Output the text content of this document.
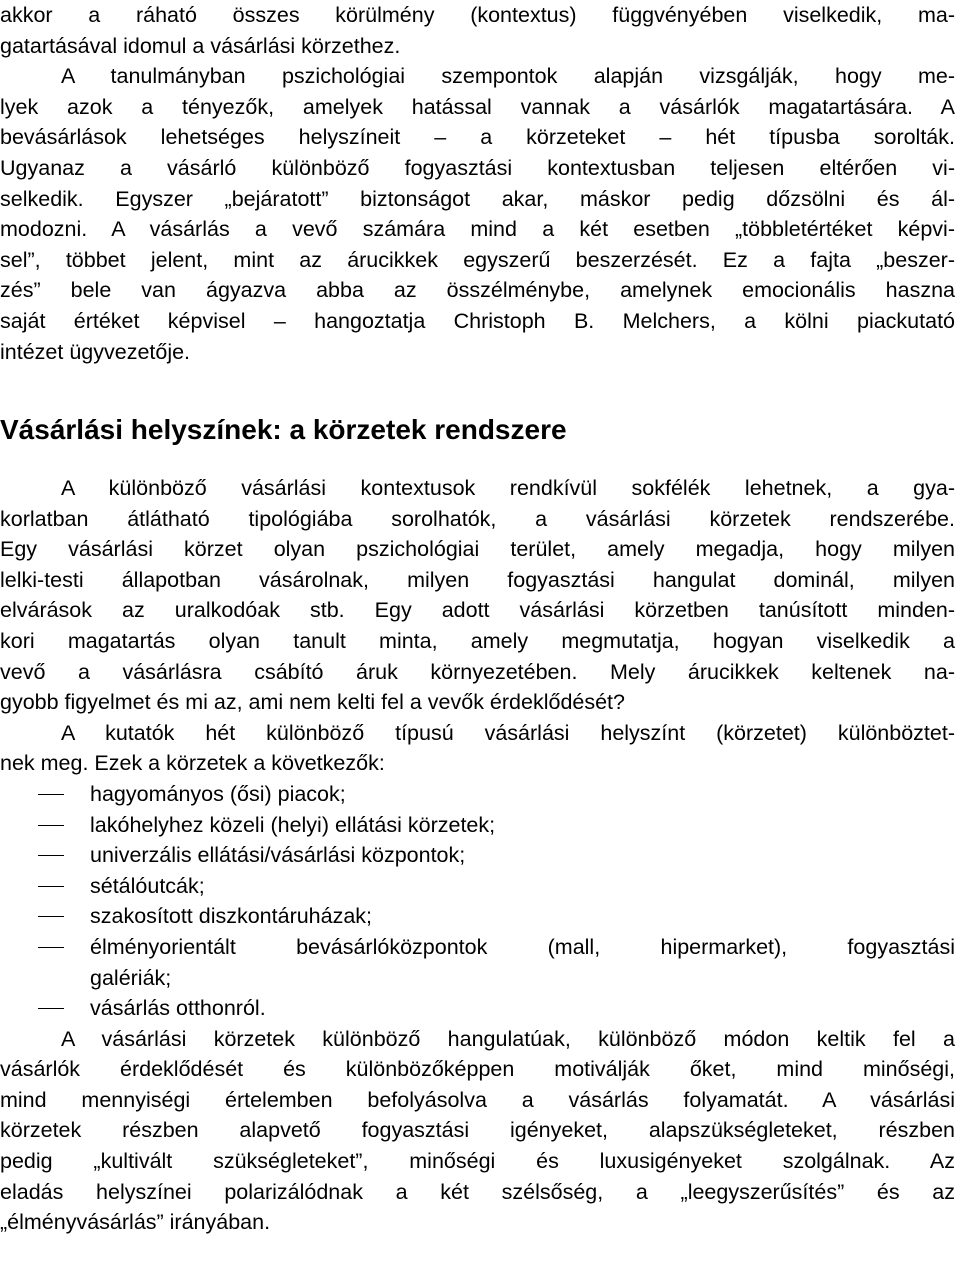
akkor a ráható összes körülmény (kontextus) függvényében viselkedik, ma-
gatartásával idomul a vásárlási körzethez.
A tanulmányban pszichológiai szempontok alapján vizsgálják, hogy me-
lyek azok a tényezők, amelyek hatással vannak a vásárlók magatartására. A
bevásárlások lehetséges helyszíneit – a körzeteket – hét típusba sorolták.
Ugyanaz a vásárló különböző fogyasztási kontextusban teljesen eltérően vi-
selkedik. Egyszer „bejáratott” biztonságot akar, máskor pedig dőzsölni és ál-
modozni. A vásárlás a vevő számára mind a két esetben „többletértéket képvi-
sel”, többet jelent, mint az árucikkek egyszerű beszerzését. Ez a fajta „beszer-
zés” bele van ágyazva abba az összélménybe, amelynek emocionális haszna
saját értéket képvisel – hangoztatja Christoph B. Melchers, a kölni piackutató
intézet ügyvezetője.
Vásárlási helyszínek: a körzetek rendszere
A különböző vásárlási kontextusok rendkívül sokfélék lehetnek, a gya-
korlatban átlátható tipológiába sorolhatók, a vásárlási körzetek rendszerébe.
Egy vásárlási körzet olyan pszichológiai terület, amely megadja, hogy milyen
lelki-testi állapotban vásárolnak, milyen fogyasztási hangulat dominál, milyen
elvárások az uralkodóak stb. Egy adott vásárlási körzetben tanúsított minden-
kori magatartás olyan tanult minta, amely megmutatja, hogyan viselkedik a
vevő a vásárlásra csábító áruk környezetében. Mely árucikkek keltenek na-
gyobb figyelmet és mi az, ami nem kelti fel a vevők érdeklődését?
A kutatók hét különböző típusú vásárlási helyszínt (körzetet) különböztet-
nek meg. Ezek a körzetek a következők:
hagyományos (ősi) piacok;
lakóhelyhez közeli (helyi) ellátási körzetek;
univerzális ellátási/vásárlási központok;
sétálóutcák;
szakosított diszkontáruházak;
élményorientált bevásárlóközpontok (mall, hipermarket), fogyasztási
galériák;
vásárlás otthonról.
A vásárlási körzetek különböző hangulatúak, különböző módon keltik fel a
vásárlók érdeklődését és különbözőképpen motiválják őket, mind minőségi,
mind mennyiségi értelemben befolyásolva a vásárlás folyamatát. A vásárlási
körzetek részben alapvető fogyasztási igényeket, alapszükségleteket, részben
pedig „kultivált szükségleteket”, minőségi és luxusigényeket szolgálnak. Az
eladás helyszínei polarizálódnak a két szélsőség, a „leegyszerűsítés” és az
„élményvásárlás” irányában.
